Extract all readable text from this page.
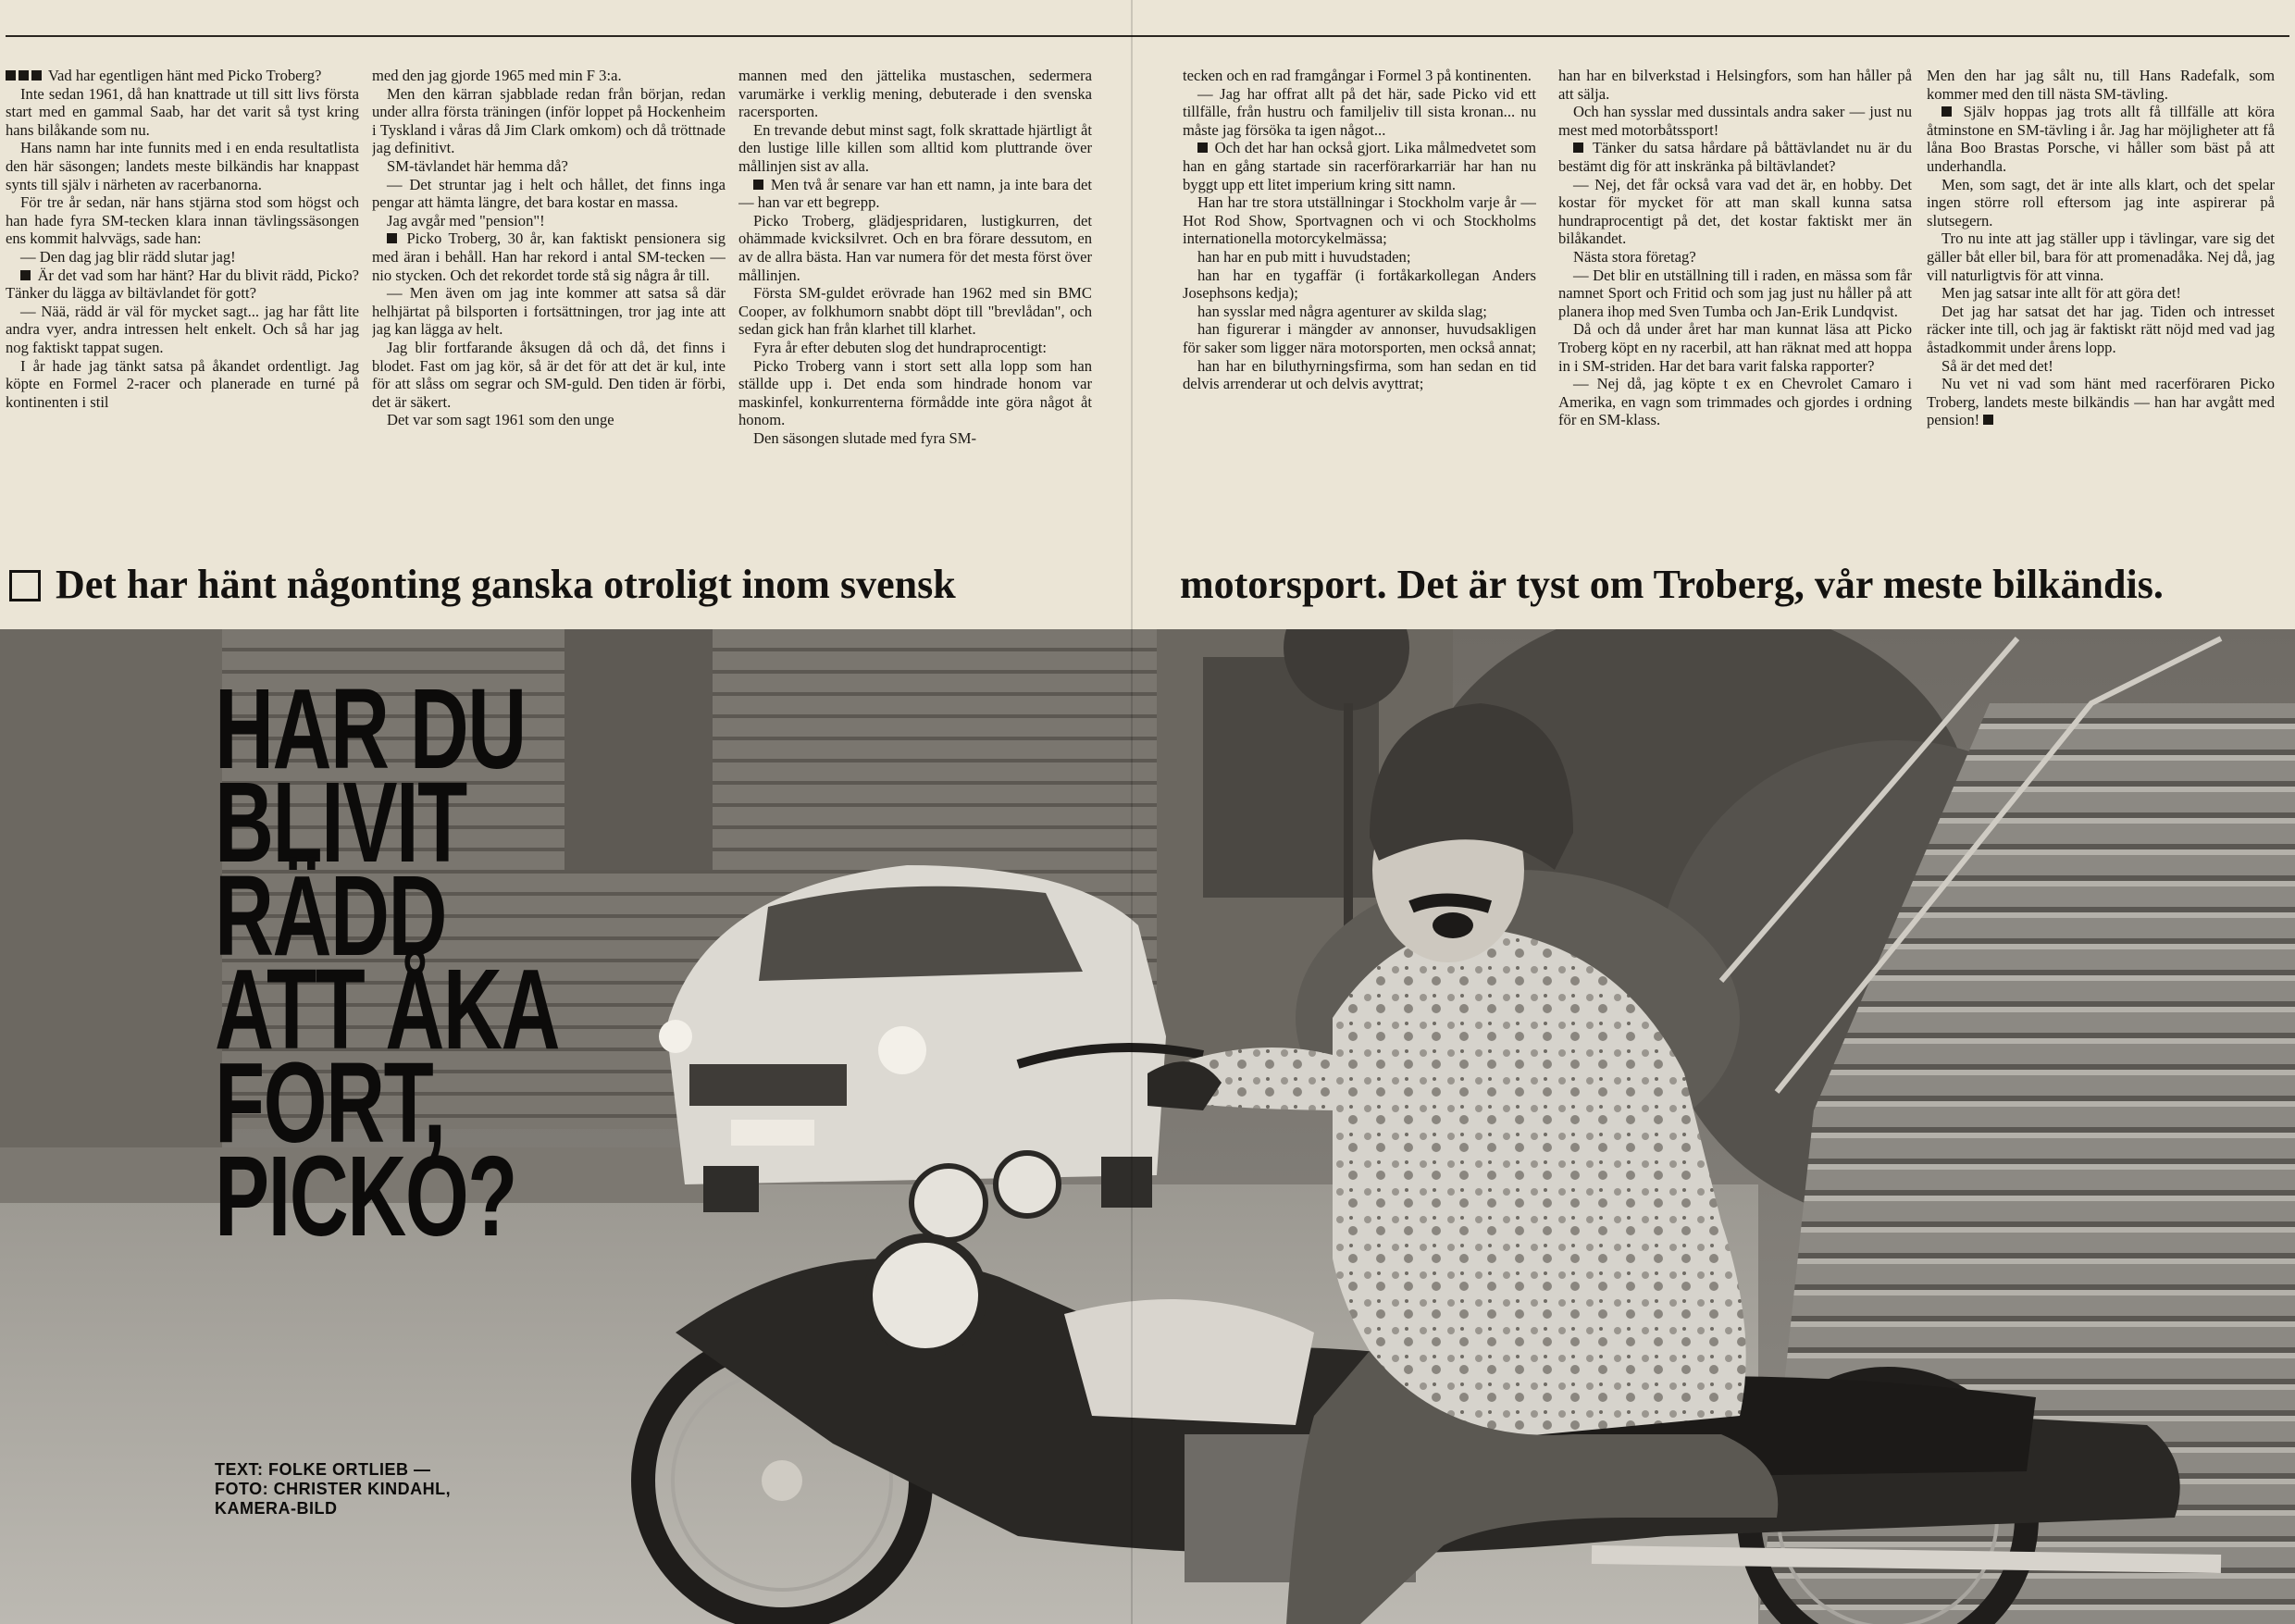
Vad har egentligen hänt med Picko Troberg?

Inte sedan 1961, då han knattrade ut till sitt livs första start med en gammal Saab, har det varit så tyst kring hans bilåkande som nu.

Hans namn har inte funnits med i en enda resultatlista den här säsongen; landets meste bilkändis har knappast synts till själv i närheten av racerbanorna.

För tre år sedan, när hans stjärna stod som högst och han hade fyra SM-tecken klara innan tävlingssäsongen ens kommit halvvägs, sade han:

— Den dag jag blir rädd slutar jag!

Är det vad som har hänt? Har du blivit rädd, Picko? Tänker du lägga av biltävlandet för gott?

— Nää, rädd är väl för mycket sagt... jag har fått lite andra vyer, andra intressen helt enkelt. Och så har jag nog faktiskt tappat sugen.

I år hade jag tänkt satsa på åkandet ordentligt. Jag köpte en Formel 2-racer och planerade en turné på kontinenten i stil

med den jag gjorde 1965 med min F 3:a.

Men den kärran sjabblade redan från början, redan under allra första träningen (inför loppet på Hockenheim i Tyskland i våras då Jim Clark omkom) och då tröttnade jag definitivt.

SM-tävlandet här hemma då?

— Det struntar jag i helt och hållet, det finns inga pengar att hämta längre, det bara kostar en massa.

Jag avgår med "pension"!

Picko Troberg, 30 år, kan faktiskt pensionera sig med äran i behåll. Han har rekord i antal SM-tecken — nio stycken. Och det rekordet torde stå sig några år till.

— Men även om jag inte kommer att satsa så där helhjärtat på bilsporten i fortsättningen, tror jag inte att jag kan lägga av helt.

Jag blir fortfarande åksugen då och då, det finns i blodet. Fast om jag kör, så är det för att det är kul, inte för att slåss om segrar och SM-guld. Den tiden är förbi, det är säkert.

Det var som sagt 1961 som den unge

mannen med den jättelika mustaschen, sedermera varumärke i verklig mening, debuterade i den svenska racersporten.

En trevande debut minst sagt, folk skrattade hjärtligt åt den lustige lille killen som alltid kom pluttrande över mållinjen sist av alla.

Men två år senare var han ett namn, ja inte bara det — han var ett begrepp.

Picko Troberg, glädjespridaren, lustigkurren, det ohämmade kvicksilvret. Och en bra förare dessutom, en av de allra bästa. Han var numera för det mesta först över mållinjen.

Första SM-guldet erövrade han 1962 med sin BMC Cooper, av folkhumorn snabbt döpt till "brevlådan", och sedan gick han från klarhet till klarhet.

Fyra år efter debuten slog det hundraprocentigt:

Picko Troberg vann i stort sett alla lopp som han ställde upp i. Det enda som hindrade honom var maskinfel, konkurrenterna förmådde inte göra något åt honom.

Den säsongen slutade med fyra SM-

tecken och en rad framgångar i Formel 3 på kontinenten.

— Jag har offrat allt på det här, sade Picko vid ett tillfälle, från hustru och familjeliv till sista kronan... nu måste jag försöka ta igen något...

Och det har han också gjort. Lika målmedvetet som han en gång startade sin racerförarkarriär har han nu byggt upp ett litet imperium kring sitt namn.

Han har tre stora utställningar i Stockholm varje år — Hot Rod Show, Sportvagnen och vi och Stockholms internationella motorcykelmässa;

han har en pub mitt i huvudstaden;

han har en tygaffär (i fortåkarkollegan Anders Josephsons kedja);

han sysslar med några agenturer av skilda slag;

han figurerar i mängder av annonser, huvudsakligen för saker som ligger nära motorsporten, men också annat;

han har en biluthyrningsfirma, som han sedan en tid delvis arrenderar ut och delvis avyttrat;

han har en bilverkstad i Helsingfors, som han håller på att sälja.

Och han sysslar med dussintals andra saker — just nu mest med motorbåtssport!

Tänker du satsa hårdare på båttävlandet nu är du bestämt dig för att inskränka på biltävlandet?

— Nej, det får också vara vad det är, en hobby. Det kostar för mycket för att man skall kunna satsa hundraprocentigt på det, det kostar faktiskt mer än bilåkandet.

Nästa stora företag?

— Det blir en utställning till i raden, en mässa som får namnet Sport och Fritid och som jag just nu håller på att planera ihop med Sven Tumba och Jan-Erik Lundqvist.

Då och då under året har man kunnat läsa att Picko Troberg köpt en ny racerbil, att han räknat med att hoppa in i SM-striden. Har det bara varit falska rapporter?

— Nej då, jag köpte t ex en Chevrolet Camaro i Amerika, en vagn som trimmades och gjordes i ordning för en SM-klass.

Men den har jag sålt nu, till Hans Radefalk, som kommer med den till nästa SM-tävling.

Själv hoppas jag trots allt få tillfälle att köra åtminstone en SM-tävling i år. Jag har möjligheter att få låna Boo Brastas Porsche, vi håller som bäst på att underhandla.

Men, som sagt, det är inte alls klart, och det spelar ingen större roll eftersom jag inte aspirerar på slutsegern.

Tro nu inte att jag ställer upp i tävlingar, vare sig det gäller båt eller bil, bara för att promenadåka. Nej då, jag vill naturligtvis för att vinna.

Men jag satsar inte allt för att göra det!

Det jag har satsat det har jag. Tiden och intresset räcker inte till, och jag är faktiskt rätt nöjd med vad jag åstadkommit under årens lopp.

Så är det med det!

Nu vet ni vad som hänt med racerföraren Picko Troberg, landets meste bilkändis — han har avgått med pension!

Det har hänt någonting ganska otroligt inom svensk	motorsport. Det är tyst om Troberg, vår meste bilkändis.
HAR DU
BLIVIT
RÄDD
ATT ÅKA
FORT,
PICKO?
TEXT: FOLKE ORTLIEB —
FOTO: CHRISTER KINDAHL,
KAMERA-BILD
